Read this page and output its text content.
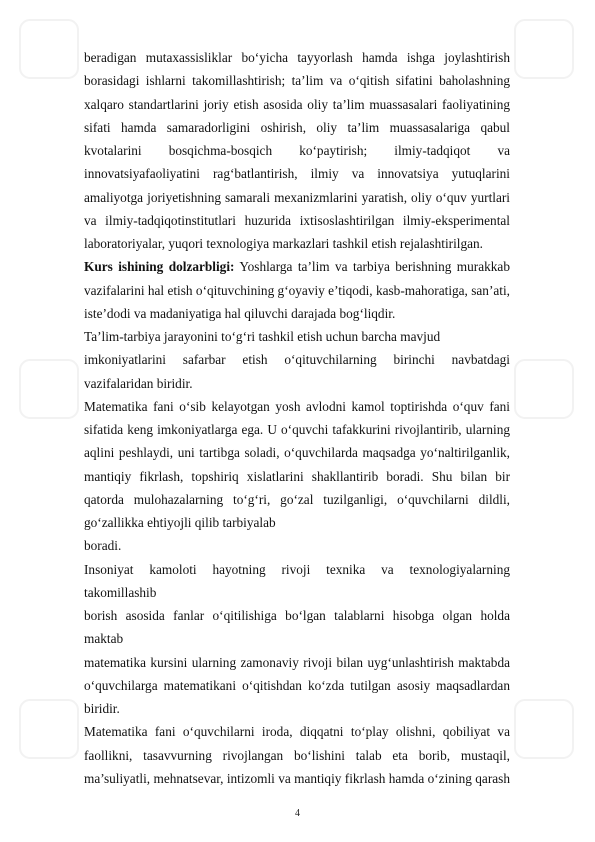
beradigan mutaxassisliklar bo‘yicha tayyorlash hamda ishga joylashtirish

borasidagi ishlarni takomillashtirish; ta’lim va o‘qitish sifatini baholashning

xalqaro standartlarini joriy etish asosida oliy ta’lim muassasalari faoliyatining

sifati hamda samaradorligini oshirish, oliy ta’lim muassasalariga qabul

kvotalarini bosqichma-bosqich ko‘paytirish; ilmiy-tadqiqot va

innovatsiyafaoliyatini rag‘batlantirish, ilmiy va innovatsiya yutuqlarini

amaliyotga joriyetishning samarali mexanizmlarini yaratish, oliy o‘quv yurtlari

va ilmiy-tadqiqotinstitutlari huzurida ixtisoslashtirilgan ilmiy-eksperimental

laboratoriyalar, yuqori texnologiya markazlari tashkil etish rejalashtirilgan.

Kurs ishining dolzarbligi: Yoshlarga ta’lim va tarbiya berishning murakkab

vazifalarini hal etish o‘qituvchining g‘oyaviy e’tiqodi, kasb-mahoratiga, san’ati,

iste’dodi va madaniyatiga hal qiluvchi darajada bog‘liqdir.

Ta’lim-tarbiya jarayonini to‘g‘ri tashkil etish uchun barcha mavjud

imkoniyatlarini safarbar etish o‘qituvchilarning birinchi navbatdagi

vazifalaridan biridir.

Matematika fani o‘sib kelayotgan yosh avlodni kamol toptirishda o‘quv fani

sifatida keng imkoniyatlarga ega. U o‘quvchi tafakkurini rivojlantirib, ularning

aqlini peshlaydi, uni tartibga soladi, o‘quvchilarda maqsadga yo‘naltirilganlik,

mantiqiy fikrlash, topshiriq xislatlarini shakllantirib boradi. Shu bilan bir

qatorda mulohazalarning to‘g‘ri, go‘zal tuzilganligi, o‘quvchilarni dildli,

go‘zallikka ehtiyojli qilib tarbiyalab

boradi.

Insoniyat kamoloti hayotning rivoji texnika va texnologiyalarning takomillashib

borish asosida fanlar o‘qitilishiga bo‘lgan talablarni hisobga olgan holda maktab

matematika kursini ularning zamonaviy rivoji bilan uyg‘unlashtirish maktabda

o‘quvchilarga matematikani o‘qitishdan ko‘zda tutilgan asosiy maqsadlardan

biridir.

Matematika fani o‘quvchilarni iroda, diqqatni to‘play olishni, qobiliyat va

faollikni, tasavvurning rivojlangan bo‘lishini talab eta borib, mustaqil,

ma’suliyatli, mehnatsevar, intizomli va mantiqiy fikrlash hamda o‘zining qarash

4
